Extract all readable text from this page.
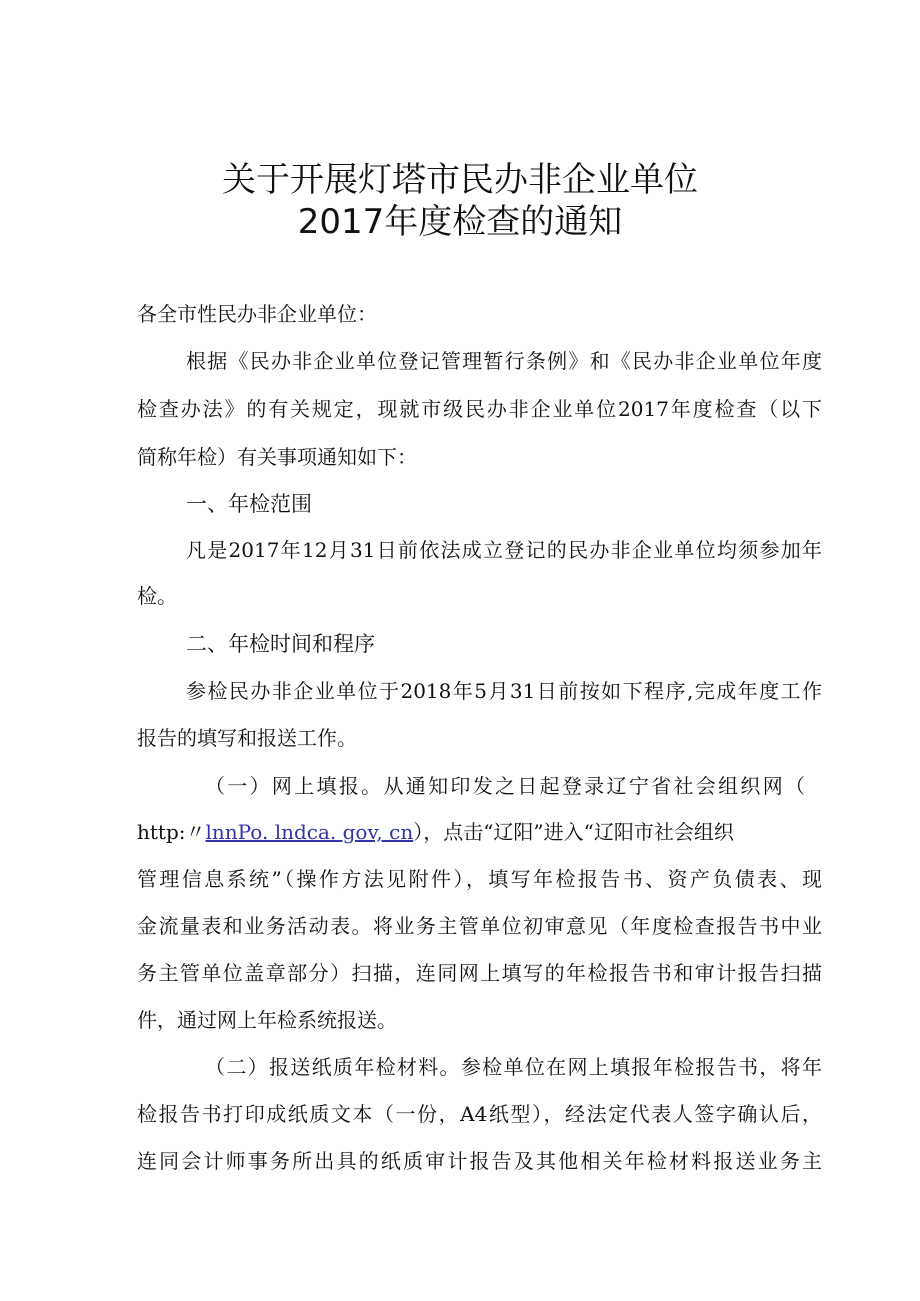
关于开展灯塔市民办非企业单位
2017年度检查的通知
各全市性民办非企业单位：
根据《民办非企业单位登记管理暂行条例》和《民办非企业单位年度
检查办法》的有关规定，现就市级民办非企业单位2017年度检查（以下
简称年检）有关事项通知如下：
一、年检范围
凡是2017年12月31日前依法成立登记的民办非企业单位均须参加年
检。
二、年检时间和程序
参检民办非企业单位于2018年5月31日前按如下程序,完成年度工作
报告的填写和报送工作。
（一）网上填报。从通知印发之日起登录辽宁省社会组织网（
http:〃lnnPo. lndca. gov, cn），点击“辽阳”进入“辽阳市社会组织
管理信息系统”（操作方法见附件），填写年检报告书、资产负债表、现
金流量表和业务活动表。将业务主管单位初审意见（年度检查报告书中业
务主管单位盖章部分）扫描，连同网上填写的年检报告书和审计报告扫描
件，通过网上年检系统报送。
（二）报送纸质年检材料。参检单位在网上填报年检报告书，将年
检报告书打印成纸质文本（一份，A4纸型），经法定代表人签字确认后，
连同会计师事务所出具的纸质审计报告及其他相关年检材料报送业务主
